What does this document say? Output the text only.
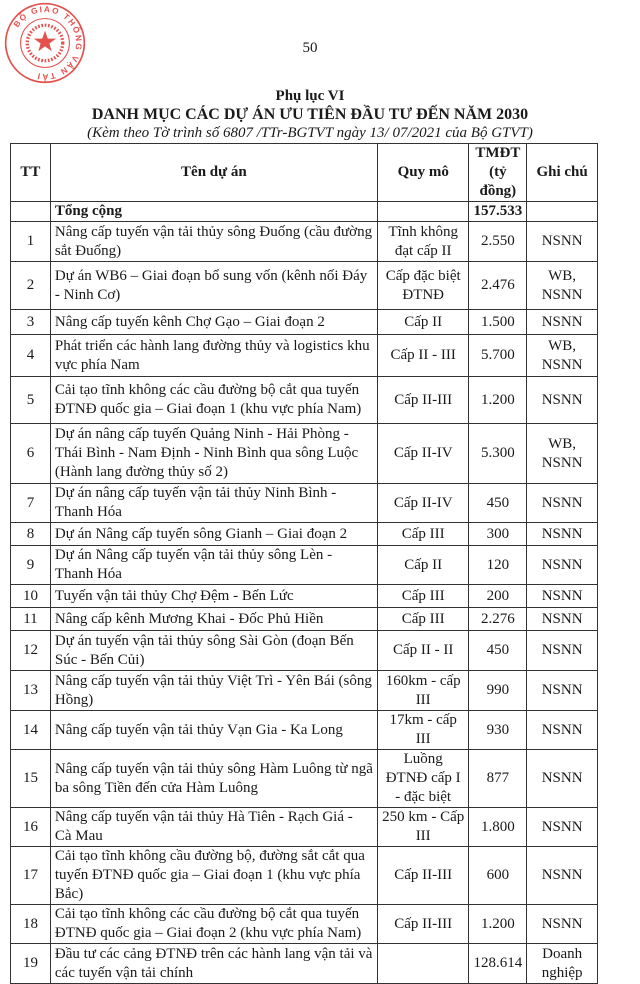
50
Phụ lục VI
DANH MỤC CÁC DỰ ÁN ƯU TIÊN ĐẦU TƯ ĐẾN NĂM 2030
(Kèm theo Tờ trình số 6807 /TTr-BGTVT ngày 13/ 07/2021 của Bộ GTVT)
TT	Tên dự án	Quy mô	TMĐT (tỷ đồng)	Ghi chú
	Tổng cộng		157.533	
1	Nâng cấp tuyến vận tải thủy sông Đuống (cầu đường sắt Đuống)	Tĩnh không đạt cấp II	2.550	NSNN
2	Dự án WB6 – Giai đoạn bổ sung vốn (kênh nối Đáy - Ninh Cơ)	Cấp đặc biệt ĐTNĐ	2.476	WB, NSNN
3	Nâng cấp tuyến kênh Chợ Gạo – Giai đoạn 2	Cấp II	1.500	NSNN
4	Phát triển các hành lang đường thủy và logistics khu vực phía Nam	Cấp II - III	5.700	WB, NSNN
5	Cải tạo tĩnh không các cầu đường bộ cắt qua tuyến ĐTNĐ quốc gia – Giai đoạn 1 (khu vực phía Nam)	Cấp II-III	1.200	NSNN
6	Dự án nâng cấp tuyến Quảng Ninh - Hải Phòng - Thái Bình - Nam Định - Ninh Bình qua sông Luộc (Hành lang đường thủy số 2)	Cấp II-IV	5.300	WB, NSNN
7	Dự án nâng cấp tuyến vận tải thủy Ninh Bình - Thanh Hóa	Cấp II-IV	450	NSNN
8	Dự án Nâng cấp tuyến sông Gianh – Giai đoạn 2	Cấp III	300	NSNN
9	Dự án Nâng cấp tuyến vận tải thủy sông Lèn - Thanh Hóa	Cấp II	120	NSNN
10	Tuyến vận tải thủy Chợ Đệm - Bến Lức	Cấp III	200	NSNN
11	Nâng cấp kênh Mương Khai - Đốc Phủ Hiền	Cấp III	2.276	NSNN
12	Dự án tuyến vận tải thủy sông Sài Gòn (đoạn Bến Súc - Bến Củi)	Cấp II - II	450	NSNN
13	Nâng cấp tuyến vận tải thủy Việt Trì - Yên Bái (sông Hồng)	160km - cấp III	990	NSNN
14	Nâng cấp tuyến vận tải thủy Vạn Gia - Ka Long	17km - cấp III	930	NSNN
15	Nâng cấp tuyến vận tải thủy sông Hàm Luông từ ngã ba sông Tiền đến cửa Hàm Luông	Luồng ĐTNĐ cấp I - đặc biệt	877	NSNN
16	Nâng cấp tuyến vận tải thủy Hà Tiên - Rạch Giá - Cà Mau	250 km - Cấp III	1.800	NSNN
17	Cải tạo tĩnh không cầu đường bộ, đường sắt cắt qua tuyến ĐTNĐ quốc gia – Giai đoạn 1 (khu vực phía Bắc)	Cấp II-III	600	NSNN
18	Cải tạo tĩnh không các cầu đường bộ cắt qua tuyến ĐTNĐ quốc gia – Giai đoạn 2 (khu vực phía Nam)	Cấp II-III	1.200	NSNN
19	Đầu tư các cảng ĐTNĐ trên các hành lang vận tải và các tuyến vận tải chính		128.614	Doanh nghiệp
BỘ GIAO THÔNG VẬN TẢI
